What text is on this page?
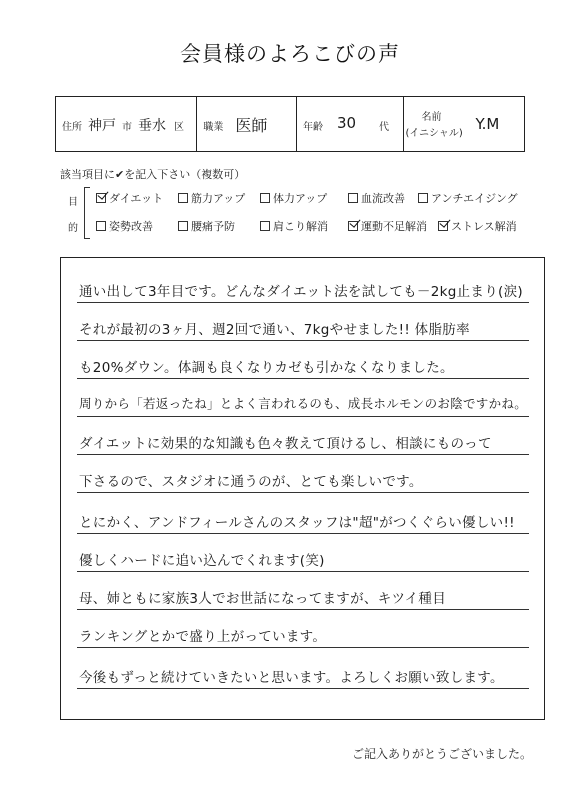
会員様のよろこびの声
住所 神戸 市 垂水 区 職業 医師	年齢 30 代
名前
(イニシャル)
Y.M
該当項目に✔を記入下さい（複数可）
目的
ダイエット	筋力アップ	体力アップ	血流改善 アンチエイジング
姿勢改善	腰痛予防	肩こり解消	運動不足解消 ストレス解消
通い出して3年目です。どんなダイエット法を試しても－2kg止まり(涙)
それが最初の3ヶ月、週2回で通い、7kgやせました!! 体脂肪率
も20%ダウン。体調も良くなりカゼも引かなくなりました。
周りから「若返ったね」とよく言われるのも、成長ホルモンのお陰ですかね。
ダイエットに効果的な知識も色々教えて頂けるし、相談にものって
下さるので、スタジオに通うのが、とても楽しいです。
とにかく、アンドフィールさんのスタッフは"超"がつくぐらい優しい!!
優しくハードに追い込んでくれます(笑)
母、姉ともに家族3人でお世話になってますが、キツイ種目
ランキングとかで盛り上がっています。
今後もずっと続けていきたいと思います。よろしくお願い致します。
ご記入ありがとうございました。
